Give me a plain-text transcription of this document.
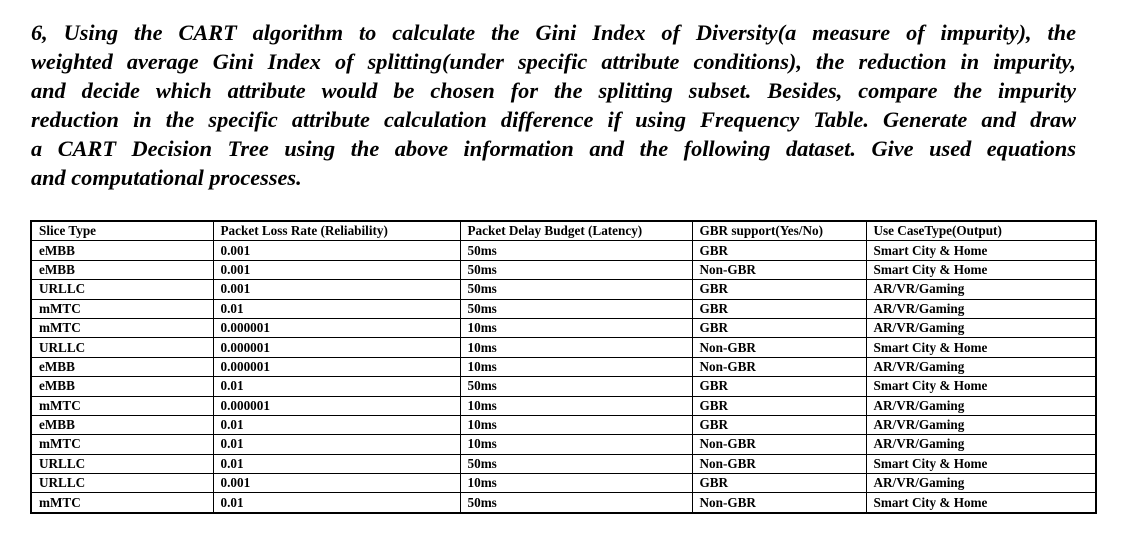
6, Using the CART algorithm to calculate the Gini Index of Diversity(a measure of impurity), the
weighted average Gini Index of splitting(under specific attribute conditions), the reduction in impurity,
and decide which attribute would be chosen for the splitting subset. Besides, compare the impurity
reduction in the specific attribute calculation difference if using Frequency Table. Generate and draw
a CART Decision Tree using the above information and the following dataset. Give used equations
and computational processes.
Slice Type	Packet Loss Rate (Reliability)	Packet Delay Budget (Latency)	GBR support(Yes/No)	Use CaseType(Output)
eMBB	0.001	50ms	GBR	Smart City & Home
eMBB	0.001	50ms	Non-GBR	Smart City & Home
URLLC	0.001	50ms	GBR	AR/VR/Gaming
mMTC	0.01	50ms	GBR	AR/VR/Gaming
mMTC	0.000001	10ms	GBR	AR/VR/Gaming
URLLC	0.000001	10ms	Non-GBR	Smart City & Home
eMBB	0.000001	10ms	Non-GBR	AR/VR/Gaming
eMBB	0.01	50ms	GBR	Smart City & Home
mMTC	0.000001	10ms	GBR	AR/VR/Gaming
eMBB	0.01	10ms	GBR	AR/VR/Gaming
mMTC	0.01	10ms	Non-GBR	AR/VR/Gaming
URLLC	0.01	50ms	Non-GBR	Smart City & Home
URLLC	0.001	10ms	GBR	AR/VR/Gaming
mMTC	0.01	50ms	Non-GBR	Smart City & Home
